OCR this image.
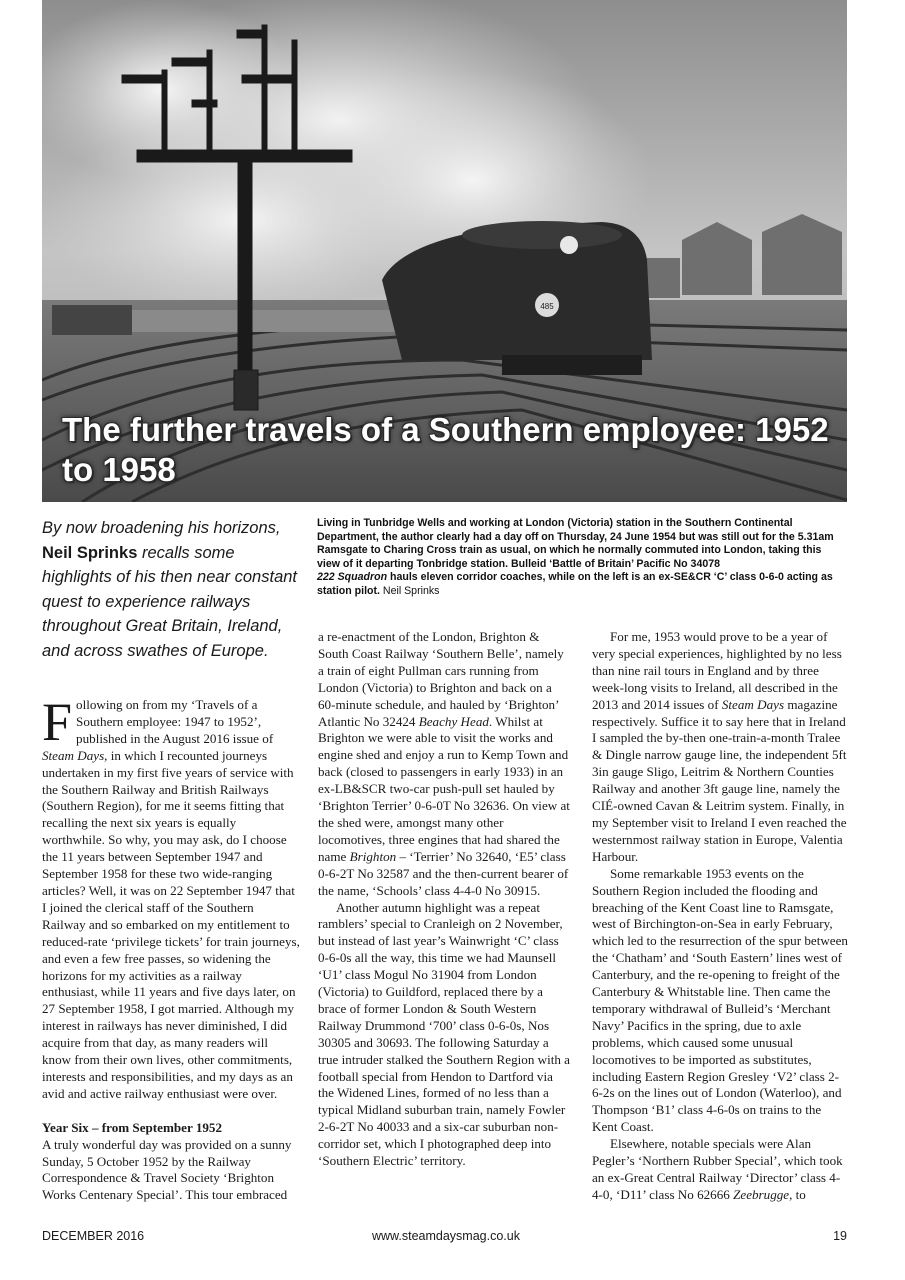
485
The further travels of a Southern employee: 1952 to 1958

By now broadening his horizons, Neil Sprinks recalls some highlights of his then near constant quest to experience railways throughout Great Britain, Ireland, and across swathes of Europe.

Living in Tunbridge Wells and working at London (Victoria) station in the Southern Continental Department, the author clearly had a day off on Thursday, 24 June 1954 but was still out for the 5.31am Ramsgate to Charing Cross train as usual, on which he normally commuted into London, taking this view of it departing Tonbridge station. Bulleid ‘Battle of Britain’ Pacific No 34078
222 Squadron hauls eleven corridor coaches, while on the left is an ex-SE&CR ‘C’ class 0-6-0 acting as station pilot. Neil Sprinks

Following on from my ‘Travels of a Southern employee: 1947 to 1952’, published in the August 2016 issue of Steam Days, in which I recounted journeys undertaken in my first five years of service with the Southern Railway and British Railways (Southern Region), for me it seems fitting that recalling the next six years is equally worthwhile. So why, you may ask, do I choose the 11 years between September 1947 and September 1958 for these two wide-ranging articles? Well, it was on 22 September 1947 that I joined the clerical staff of the Southern Railway and so embarked on my entitlement to reduced-rate ‘privilege tickets’ for train journeys, and even a few free passes, so widening the horizons for my activities as a railway enthusiast, while 11 years and five days later, on 27 September 1958, I got married. Although my interest in railways has never diminished, I did acquire from that day, as many readers will know from their own lives, other commitments, interests and responsibilities, and my days as an avid and active railway enthusiast were over.

Year Six – from September 1952

A truly wonderful day was provided on a sunny Sunday, 5 October 1952 by the Railway Correspondence & Travel Society ‘Brighton Works Centenary Special’. This tour embraced

a re-enactment of the London, Brighton & South Coast Railway ‘Southern Belle’, namely a train of eight Pullman cars running from London (Victoria) to Brighton and back on a 60-minute schedule, and hauled by ‘Brighton’ Atlantic No 32424 Beachy Head. Whilst at Brighton we were able to visit the works and engine shed and enjoy a run to Kemp Town and back (closed to passengers in early 1933) in an ex-LB&SCR two-car push-pull set hauled by ‘Brighton Terrier’ 0-6-0T No 32636. On view at the shed were, amongst many other locomotives, three engines that had shared the name Brighton – ‘Terrier’ No 32640, ‘E5’ class 0-6-2T No 32587 and the then-current bearer of the name, ‘Schools’ class 4-4-0 No 30915.

Another autumn highlight was a repeat ramblers’ special to Cranleigh on 2 November, but instead of last year’s Wainwright ‘C’ class 0-6-0s all the way, this time we had Maunsell ‘U1’ class Mogul No 31904 from London (Victoria) to Guildford, replaced there by a brace of former London & South Western Railway Drummond ‘700’ class 0-6-0s, Nos 30305 and 30693. The following Saturday a true intruder stalked the Southern Region with a football special from Hendon to Dartford via the Widened Lines, formed of no less than a typical Midland suburban train, namely Fowler 2-6-2T No 40033 and a six-car suburban non-corridor set, which I photographed deep into ‘Southern Electric’ territory.

For me, 1953 would prove to be a year of very special experiences, highlighted by no less than nine rail tours in England and by three week-long visits to Ireland, all described in the 2013 and 2014 issues of Steam Days magazine respectively. Suffice it to say here that in Ireland I sampled the by-then one-train-a-month Tralee & Dingle narrow gauge line, the independent 5ft 3in gauge Sligo, Leitrim & Northern Counties Railway and another 3ft gauge line, namely the CIÉ-owned Cavan & Leitrim system. Finally, in my September visit to Ireland I even reached the westernmost railway station in Europe, Valentia Harbour.

Some remarkable 1953 events on the Southern Region included the flooding and breaching of the Kent Coast line to Ramsgate, west of Birchington-on-Sea in early February, which led to the resurrection of the spur between the ‘Chatham’ and ‘South Eastern’ lines west of Canterbury, and the re-opening to freight of the Canterbury & Whitstable line. Then came the temporary withdrawal of Bulleid’s ‘Merchant Navy’ Pacifics in the spring, due to axle problems, which caused some unusual locomotives to be imported as substitutes, including Eastern Region Gresley ‘V2’ class 2-6-2s on the lines out of London (Waterloo), and Thompson ‘B1’ class 4-6-0s on trains to the Kent Coast.

Elsewhere, notable specials were Alan Pegler’s ‘Northern Rubber Special’, which took an ex-Great Central Railway ‘Director’ class 4-4-0, ‘D11’ class No 62666 Zeebrugge, to

DECEMBER 2016	www.steamdaysmag.co.uk	19
